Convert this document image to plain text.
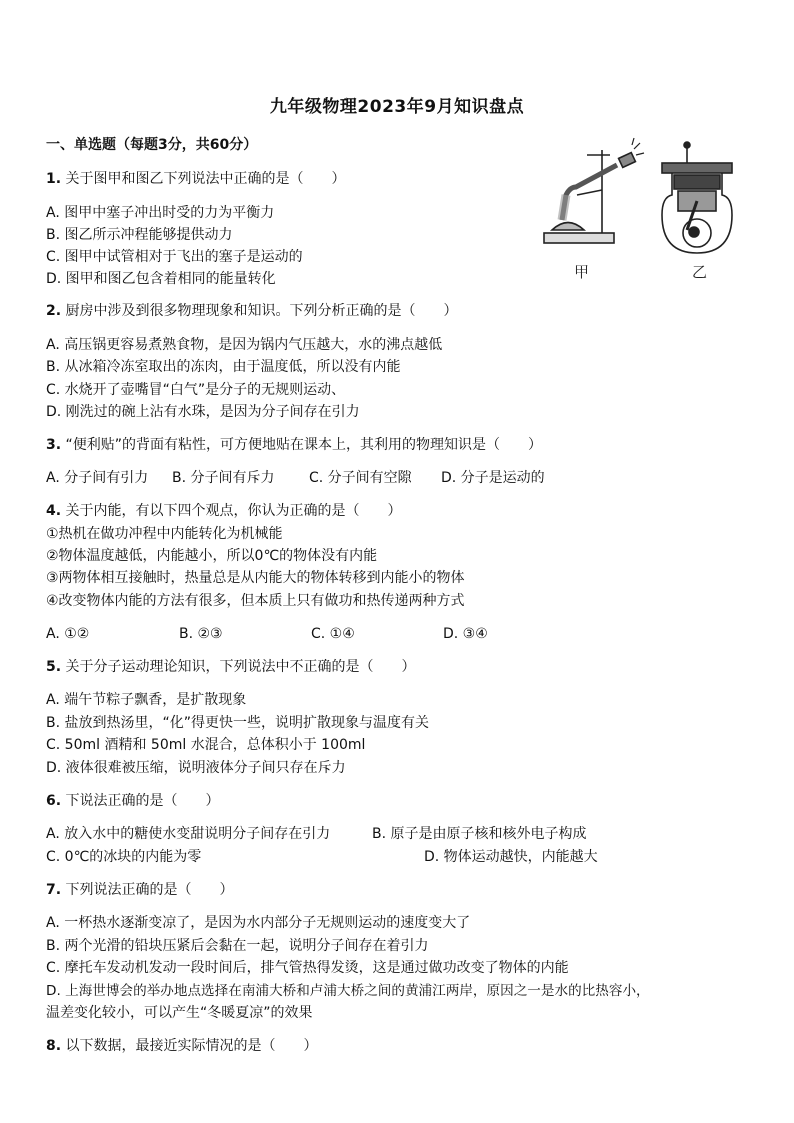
九年级物理2023年9月知识盘点
一、单选题（每题3分，共60分）
甲	乙
1. 关于图甲和图乙下列说法中正确的是（　　）
A. 图甲中塞子冲出时受的力为平衡力
B. 图乙所示冲程能够提供动力
C. 图甲中试管相对于飞出的塞子是运动的
D. 图甲和图乙包含着相同的能量转化
2. 厨房中涉及到很多物理现象和知识。下列分析正确的是（　　）
A. 高压锅更容易煮熟食物，是因为锅内气压越大，水的沸点越低
B. 从冰箱冷冻室取出的冻肉，由于温度低，所以没有内能
C. 水烧开了壶嘴冒“白气”是分子的无规则运动、
D. 刚洗过的碗上沾有水珠，是因为分子间存在引力
3. “便利贴”的背面有粘性，可方便地贴在课本上，其利用的物理知识是（　　）
A. 分子间有引力 B. 分子间有斥力 C. 分子间有空隙 D. 分子是运动的
4. 关于内能，有以下四个观点，你认为正确的是（　　）
①热机在做功冲程中内能转化为机械能
②物体温度越低，内能越小，所以0℃的物体没有内能
③两物体相互接触时，热量总是从内能大的物体转移到内能小的物体
④改变物体内能的方法有很多，但本质上只有做功和热传递两种方式
A. ①②	B. ②③	C. ①④	D. ③④
5. 关于分子运动理论知识，下列说法中不正确的是（　　）
A. 端午节粽子飘香，是扩散现象
B. 盐放到热汤里，“化”得更快一些，说明扩散现象与温度有关
C. 50ml 酒精和 50ml 水混合，总体积小于 100ml
D. 液体很难被压缩，说明液体分子间只存在斥力
6. 下说法正确的是（　　）
A. 放入水中的糖使水变甜说明分子间存在引力	B. 原子是由原子核和核外电子构成
C. 0℃的冰块的内能为零	D. 物体运动越快，内能越大
7. 下列说法正确的是（　　）
A. 一杯热水逐渐变凉了，是因为水内部分子无规则运动的速度变大了
B. 两个光滑的铅块压紧后会黏在一起，说明分子间存在着引力
C. 摩托车发动机发动一段时间后，排气管热得发烫，这是通过做功改变了物体的内能
D. 上海世博会的举办地点选择在南浦大桥和卢浦大桥之间的黄浦江两岸，原因之一是水的比热容小，
温差变化较小，可以产生“冬暖夏凉”的效果
8. 以下数据，最接近实际情况的是（　　）
